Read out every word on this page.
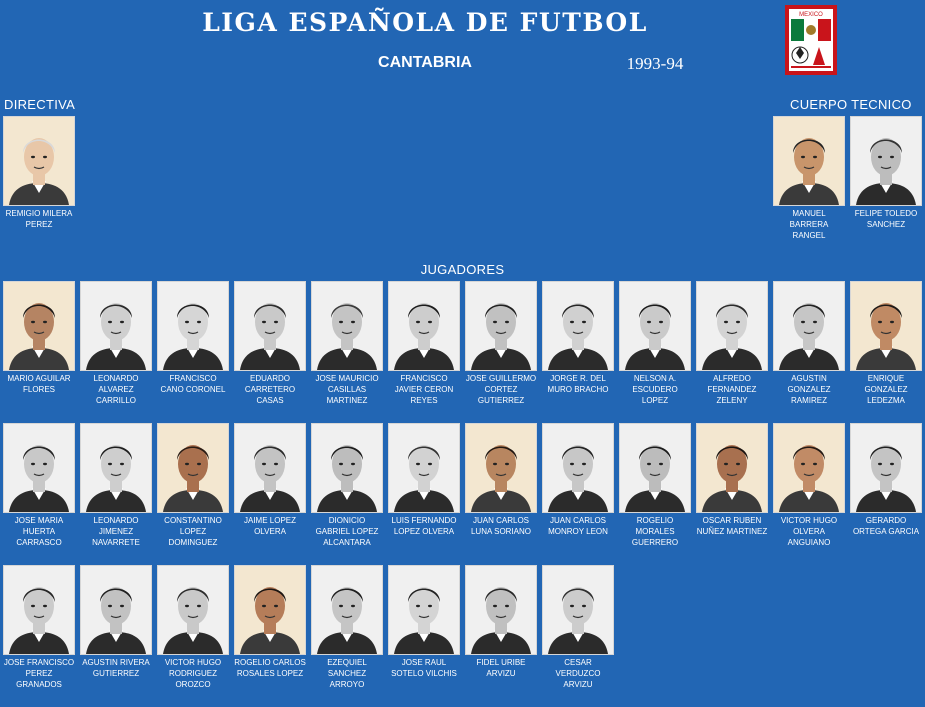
LIGA ESPAÑOLA DE FUTBOL
CANTABRIA	1993-94
MEXICO
DIRECTIVA	CUERPO TECNICO
JUGADORES
REMIGIO MILERA PEREZ
MANUEL BARRERA RANGEL
FELIPE TOLEDO SANCHEZ
MARIO AGUILAR FLORES
LEONARDO ALVAREZ CARRILLO
FRANCISCO CANO CORONEL
EDUARDO CARRETERO CASAS
JOSE MAURICIO CASILLAS MARTINEZ
FRANCISCO JAVIER CERON REYES
JOSE GUILLERMO CORTEZ GUTIERREZ
JORGE R. DEL MURO BRACHO
NELSON A. ESCUDERO LOPEZ
ALFREDO FERNANDEZ ZELENY
AGUSTIN GONZALEZ RAMIREZ
ENRIQUE GONZALEZ LEDEZMA
JOSE MARIA HUERTA CARRASCO
LEONARDO JIMENEZ NAVARRETE
CONSTANTINO LOPEZ DOMINGUEZ
JAIME LOPEZ OLVERA
DIONICIO GABRIEL LOPEZ ALCANTARA
LUIS FERNANDO LOPEZ OLVERA
JUAN CARLOS LUNA SORIANO
JUAN CARLOS MONROY LEON
ROGELIO MORALES GUERRERO
OSCAR RUBEN NUÑEZ MARTINEZ
VICTOR HUGO OLVERA ANGUIANO
GERARDO ORTEGA GARCIA
JOSE FRANCISCO PEREZ GRANADOS
AGUSTIN RIVERA GUTIERREZ
VICTOR HUGO RODRIGUEZ OROZCO
ROGELIO CARLOS ROSALES LOPEZ
EZEQUIEL SANCHEZ ARROYO
JOSE RAUL SOTELO VILCHIS
FIDEL URIBE ARVIZU
CESAR VERDUZCO ARVIZU
